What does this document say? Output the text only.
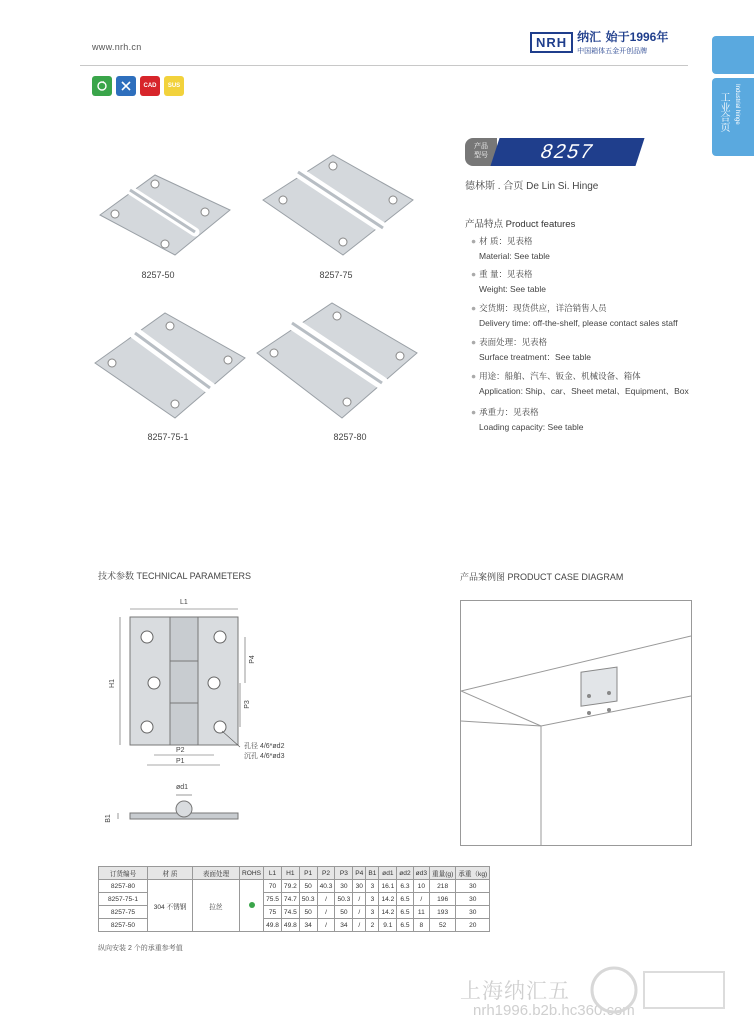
www.nrh.cn	NRH 纳汇 始于1996年
中国箱体五金开创品牌
工业合页 Industrial hinge
CAD	SUS
8257-50	8257-75
8257-75-1	8257-80
产品
型号	8257
德林斯 . 合页 De Lin Si. Hinge
产品特点 Product features
● 材 质：见表格
Material: See table
● 重 量：见表格
Weight: See table
● 交货期：现货供应，详洽销售人员
Delivery time: off-the-shelf, please contact sales staff
● 表面处理：见表格
Surface treatment：See table
● 用途：船舶、汽车、钣金、机械设备、箱体
Application: Ship、car、Sheet metal、Equipment、Box
● 承重力：见表格
Loading capacity: See table
技术参数 TECHNICAL PARAMETERS	产品案例图 PRODUCT CASE DIAGRAM
L1
H1
P4
P3
P2
P1
孔径 4/6*ød2
沉孔 4/6*ød3
ød1
B1
订货编号	材 质	表面处理	ROHS	L1	H1	P1	P2	P3	P4	B1	ød1	ød2	ød3	重量(g)	承重（kg)
8257-80	304 不锈钢	拉丝		70	79.2	50	40.3	30	30	3	16.1	6.3	10	218	30
8257-75-1				75.5	74.7	50.3	/	50.3	/	3	14.2	6.5	/	196	30
8257-75				75	74.5	50	/	50	/	3	14.2	6.5	11	193	30
8257-50				49.8	49.8	34	/	34	/	2	9.1	6.5	8	52	20
纵向安装 2 个的承重参考值
上海纳汇五
nrh1996.b2b.hc360.com
